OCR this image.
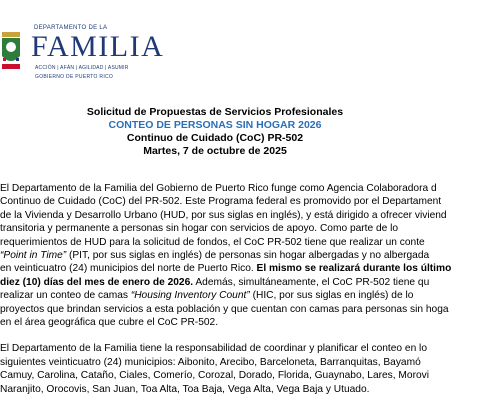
DEPARTAMENTO DE LA
FAMILIA
ACCIÓN | AFÁN | AGILIDAD | ASUMIR
GOBIERNO DE PUERTO RICO
Solicitud de Propuestas de Servicios Profesionales
CONTEO DE PERSONAS SIN HOGAR 2026
Continuo de Cuidado (CoC) PR-502
Martes, 7 de octubre de 2025

El Departamento de la Familia del Gobierno de Puerto Rico funge como Agencia Colaboradora d
Continuo de Cuidado (CoC) del PR-502. Este Programa federal es promovido por el Departament
de la Vivienda y Desarrollo Urbano (HUD, por sus siglas en inglés), y está dirigido a ofrecer viviend
transitoria y permanente a personas sin hogar con servicios de apoyo. Como parte de lo
requerimientos de HUD para la solicitud de fondos, el CoC PR-502 tiene que realizar un conte
“Point in Time” (PIT, por sus siglas en inglés) de personas sin hogar albergadas y no albergada
en veinticuatro (24) municipios del norte de Puerto Rico. El mismo se realizará durante los último
diez (10) días del mes de enero de 2026. Además, simultáneamente, el CoC PR-502 tiene qu
realizar un conteo de camas “Housing Inventory Count” (HIC, por sus siglas en inglés) de lo
proyectos que brindan servicios a esta población y que cuentan con camas para personas sin hoga
en el área geográfica que cubre el CoC PR-502.

El Departamento de la Familia tiene la responsabilidad de coordinar y planificar el conteo en lo
siguientes veinticuatro (24) municipios: Aibonito, Arecibo, Barceloneta, Barranquitas, Bayamó
Camuy, Carolina, Cataño, Ciales, Comerío, Corozal, Dorado, Florida, Guaynabo, Lares, Morovi
Naranjito, Orocovis, San Juan, Toa Alta, Toa Baja, Vega Alta, Vega Baja y Utuado.
